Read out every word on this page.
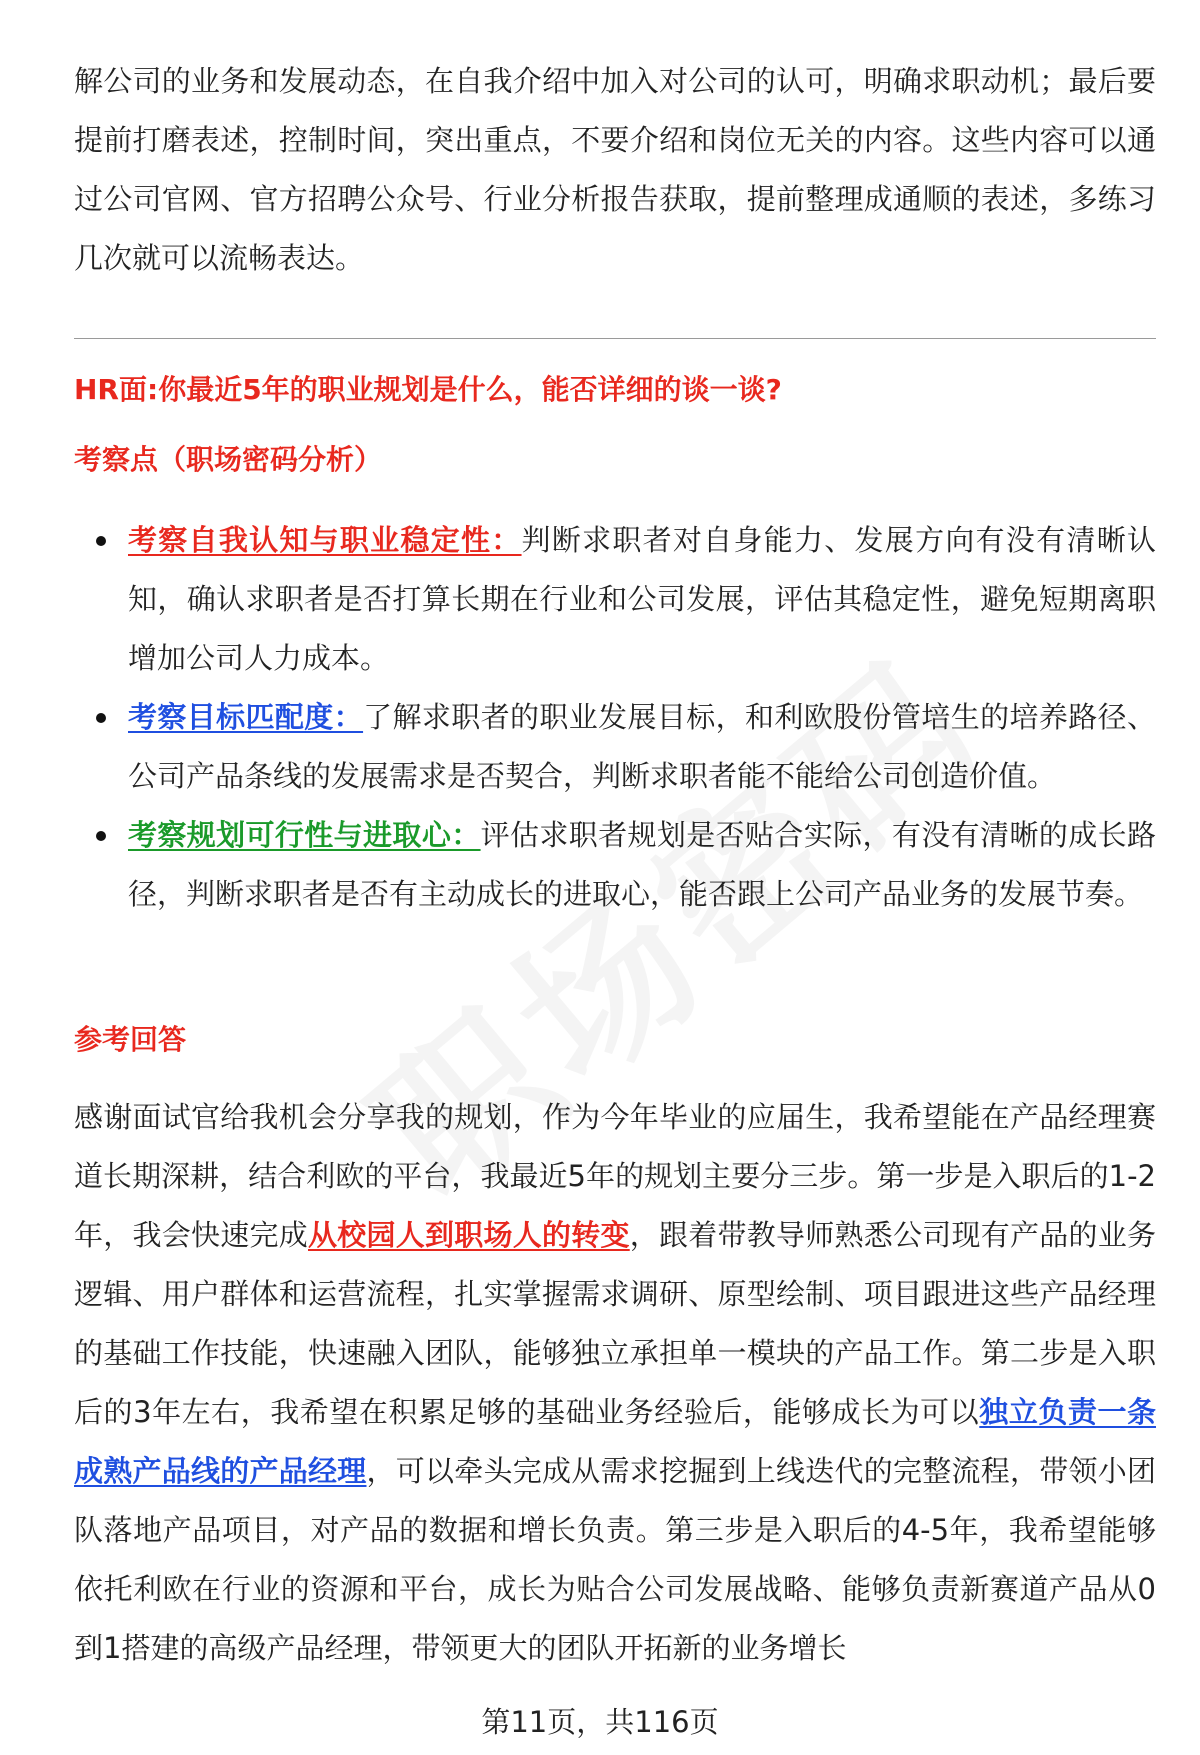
解公司的业务和发展动态，在自我介绍中加入对公司的认可，明确求职动机；最后要提前打磨表述，控制时间，突出重点，不要介绍和岗位无关的内容。这些内容可以通过公司官网、官方招聘公众号、行业分析报告获取，提前整理成通顺的表述，多练习几次就可以流畅表达。

HR面:你最近5年的职业规划是什么，能否详细的谈一谈?
考察点（职场密码分析）
考察自我认知与职业稳定性：判断求职者对自身能力、发展方向有没有清晰认知，确认求职者是否打算长期在行业和公司发展，评估其稳定性，避免短期离职增加公司人力成本。
考察目标匹配度：了解求职者的职业发展目标，和利欧股份管培生的培养路径、公司产品条线的发展需求是否契合，判断求职者能不能给公司创造价值。
考察规划可行性与进取心：评估求职者规划是否贴合实际，有没有清晰的成长路径，判断求职者是否有主动成长的进取心，能否跟上公司产品业务的发展节奏。
参考回答

感谢面试官给我机会分享我的规划，作为今年毕业的应届生，我希望能在产品经理赛道长期深耕，结合利欧的平台，我最近5年的规划主要分三步。第一步是入职后的1-2年，我会快速完成从校园人到职场人的转变，跟着带教导师熟悉公司现有产品的业务逻辑、用户群体和运营流程，扎实掌握需求调研、原型绘制、项目跟进这些产品经理的基础工作技能，快速融入团队，能够独立承担单一模块的产品工作。第二步是入职后的3年左右，我希望在积累足够的基础业务经验后，能够成长为可以独立负责一条成熟产品线的产品经理，可以牵头完成从需求挖掘到上线迭代的完整流程，带领小团队落地产品项目，对产品的数据和增长负责。第三步是入职后的4-5年，我希望能够依托利欧在行业的资源和平台，成长为贴合公司发展战略、能够负责新赛道产品从0到1搭建的高级产品经理，带领更大的团队开拓新的业务增长

第11页，共116页
